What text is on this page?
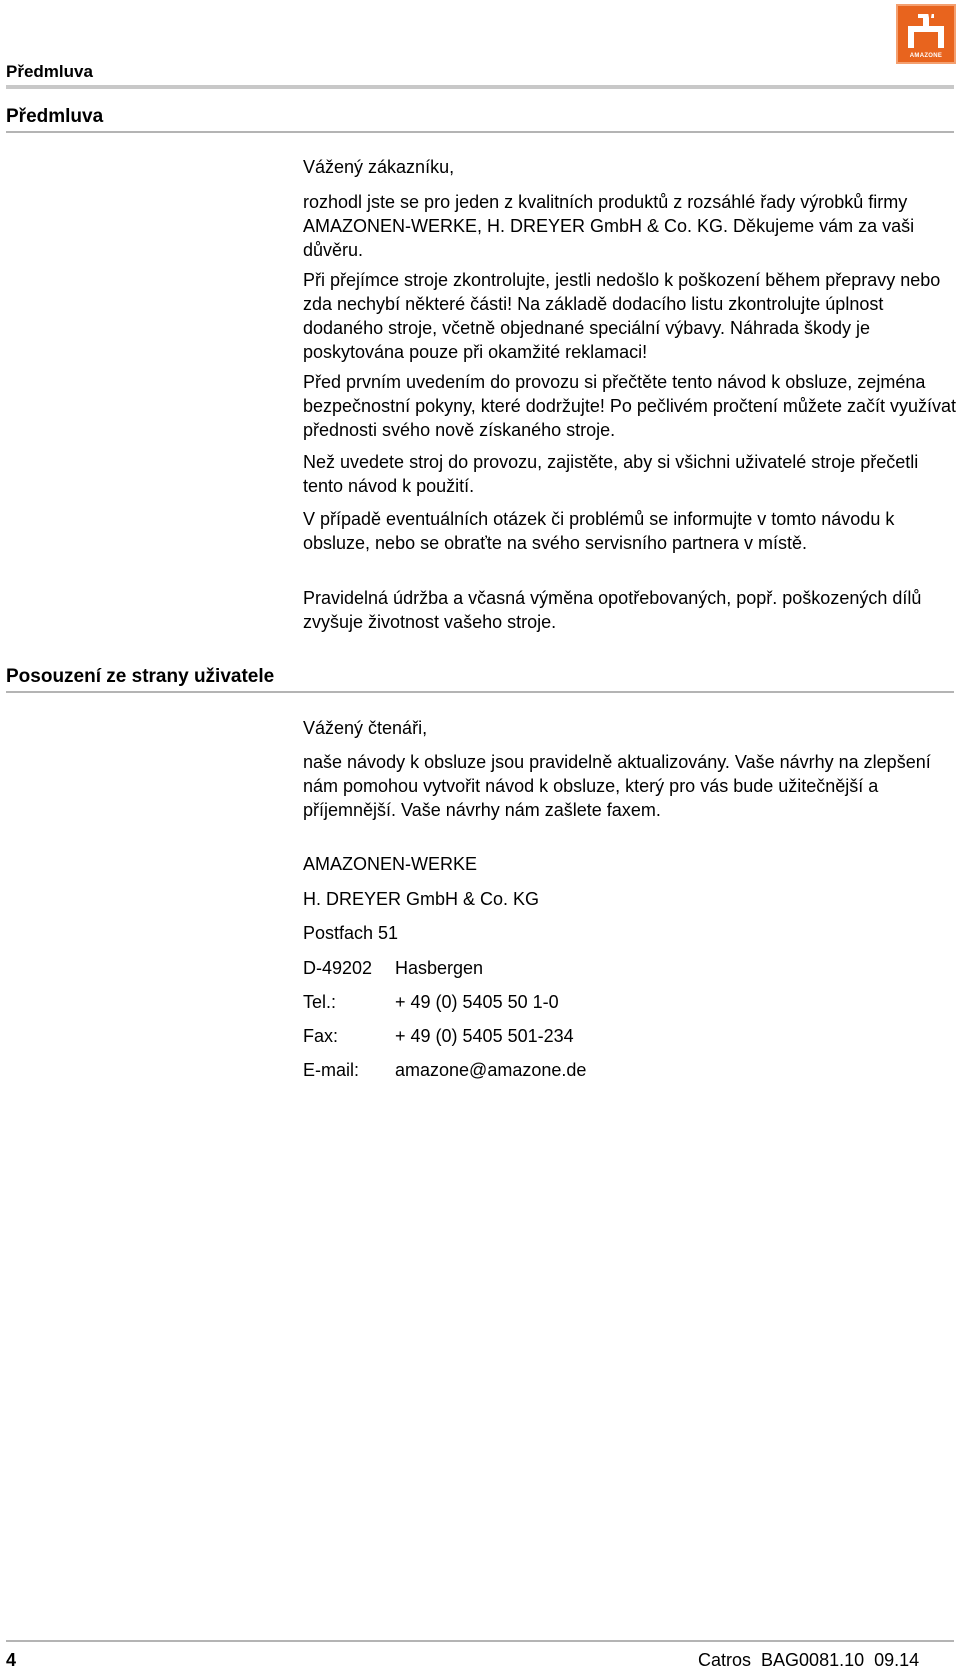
Předmluva
AMAZONE
Předmluva
Vážený zákazníku,
rozhodl jste se pro jeden z kvalitních produktů z rozsáhlé řady výrobků firmy AMAZONEN-WERKE, H. DREYER GmbH & Co. KG. Děkujeme vám za vaši důvěru.
Při přejímce stroje zkontrolujte, jestli nedošlo k poškození během přepravy nebo zda nechybí některé části! Na základě dodacího listu zkontrolujte úplnost dodaného stroje, včetně objednané speciální výbavy. Náhrada škody je poskytována pouze při okamžité reklamaci!
Před prvním uvedením do provozu si přečtěte tento návod k obsluze, zejména bezpečnostní pokyny, které dodržujte! Po pečlivém pročtení můžete začít využívat přednosti svého nově získaného stroje.
Než uvedete stroj do provozu, zajistěte, aby si všichni uživatelé stroje přečetli tento návod k použití.
V případě eventuálních otázek či problémů se informujte v tomto návodu k obsluze, nebo se obraťte na svého servisního partnera v místě.
Pravidelná údržba a včasná výměna opotřebovaných, popř. poškozených dílů zvyšuje životnost vašeho stroje.
Posouzení ze strany uživatele
Vážený čtenáři,
naše návody k obsluze jsou pravidelně aktualizovány. Vaše návrhy na zlepšení nám pomohou vytvořit návod k obsluze, který pro vás bude užitečnější a příjemnější. Vaše návrhy nám zašlete faxem.
AMAZONEN-WERKE
H. DREYER GmbH & Co. KG
Postfach 51
D-49202 Hasbergen
Tel.:	+ 49 (0) 5405 50 1-0
Fax:	+ 49 (0) 5405 501-234
E-mail: amazone@amazone.de
4	Catros BAG0081.10 09.14
